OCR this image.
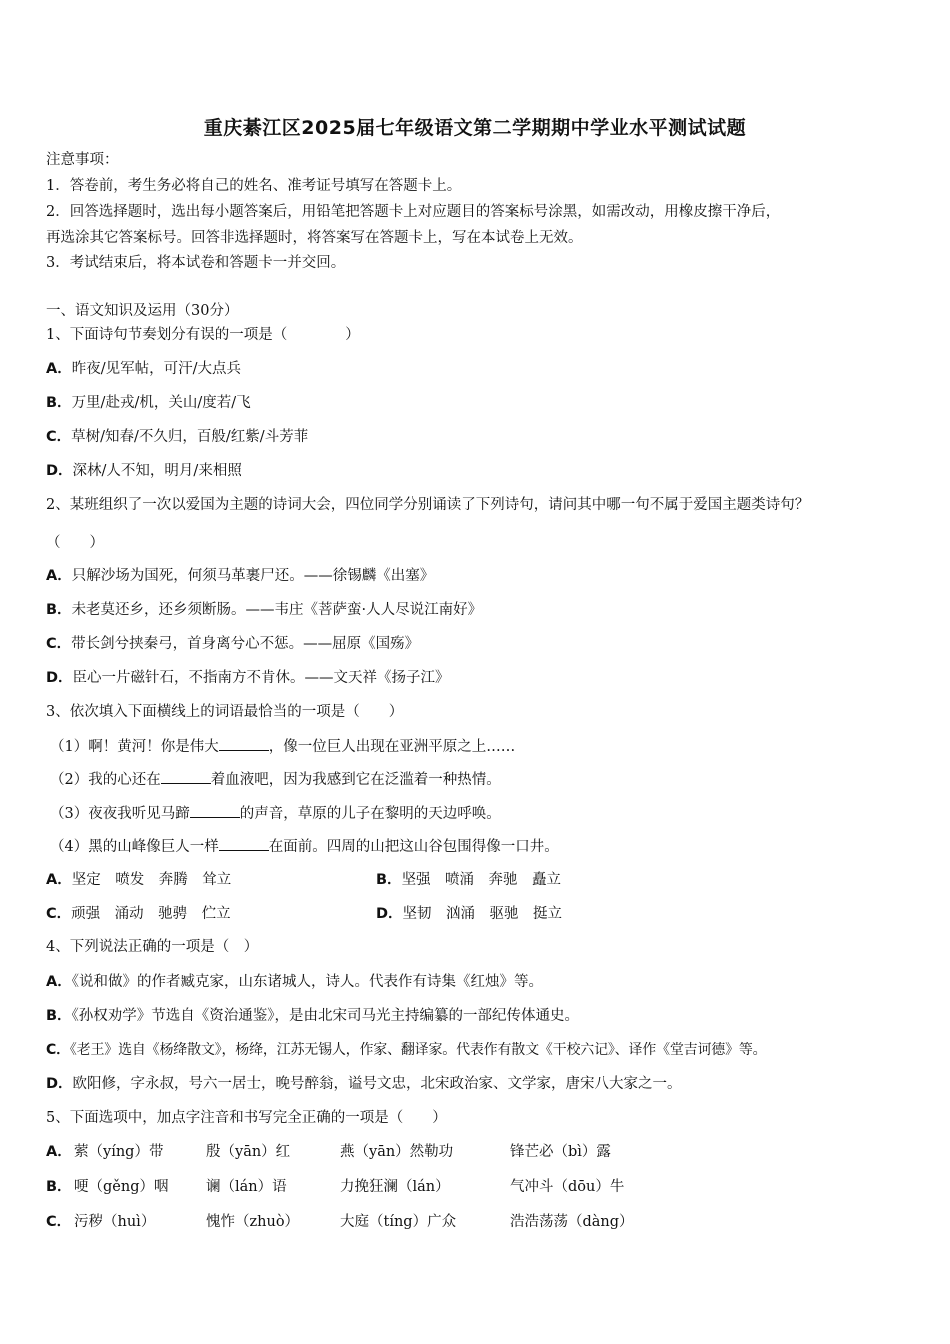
重庆綦江区2025届七年级语文第二学期期中学业水平测试试题
注意事项：
1．答卷前，考生务必将自己的姓名、准考证号填写在答题卡上。
2．回答选择题时，选出每小题答案后，用铅笔把答题卡上对应题目的答案标号涂黑，如需改动，用橡皮擦干净后，
再选涂其它答案标号。回答非选择题时，将答案写在答题卡上，写在本试卷上无效。
3．考试结束后，将本试卷和答题卡一并交回。
一、语文知识及运用（30分）
1、下面诗句节奏划分有误的一项是（　　　　）
A．昨夜/见军帖，可汗/大点兵
B．万里/赴戎/机，关山/度若/飞
C．草树/知春/不久归，百般/红紫/斗芳菲
D．深林/人不知，明月/来相照
2、某班组织了一次以爱国为主题的诗词大会，四位同学分别诵读了下列诗句，请问其中哪一句不属于爱国主题类诗句？
（　　）
A．只解沙场为国死，何须马革裹尸还。——徐锡麟《出塞》
B．未老莫还乡，还乡须断肠。——韦庄《菩萨蛮·人人尽说江南好》
C．带长剑兮挟秦弓，首身离兮心不惩。——屈原《国殇》
D．臣心一片磁针石，不指南方不肯休。——文天祥《扬子江》
3、依次填入下面横线上的词语最恰当的一项是（　　）
（1）啊！黄河！你是伟大	，像一位巨人出现在亚洲平原之上……
（2）我的心还在	着血液吧，因为我感到它在泛滥着一种热情。
（3）夜夜我听见马蹄	的声音，草原的儿子在黎明的天边呼唤。
（4）黑的山峰像巨人一样	在面前。四周的山把这山谷包围得像一口井。
A．坚定　喷发　奔腾　耸立	B．坚强　喷涌　奔驰　矗立
C．顽强　涌动　驰骋　伫立	D．坚韧　汹涌　驱驰　挺立
4、下列说法正确的一项是（　）
A．《说和做》的作者臧克家，山东诸城人，诗人。代表作有诗集《红烛》等。
B．《孙权劝学》节选自《资治通鉴》，是由北宋司马光主持编纂的一部纪传体通史。
C．《老王》选自《杨绛散文》，杨绛，江苏无锡人，作家、翻译家。代表作有散文《干校六记》、译作《堂吉诃德》等。
D．欧阳修，字永叔，号六一居士，晚号醉翁，谥号文忠，北宋政治家、文学家，唐宋八大家之一。
5、下面选项中，加点字注音和书写完全正确的一项是（　　）
A． 萦（yíng）带	殷（yān）红	燕（yān）然勒功	锋芒必（bì）露
B． 哽（gěng）咽	谰（lán）语	力挽狂澜（lán）	气冲斗（dōu）牛
C． 污秽（huì）	愧怍（zhuò）	大庭（tíng）广众	浩浩荡荡（dàng）
